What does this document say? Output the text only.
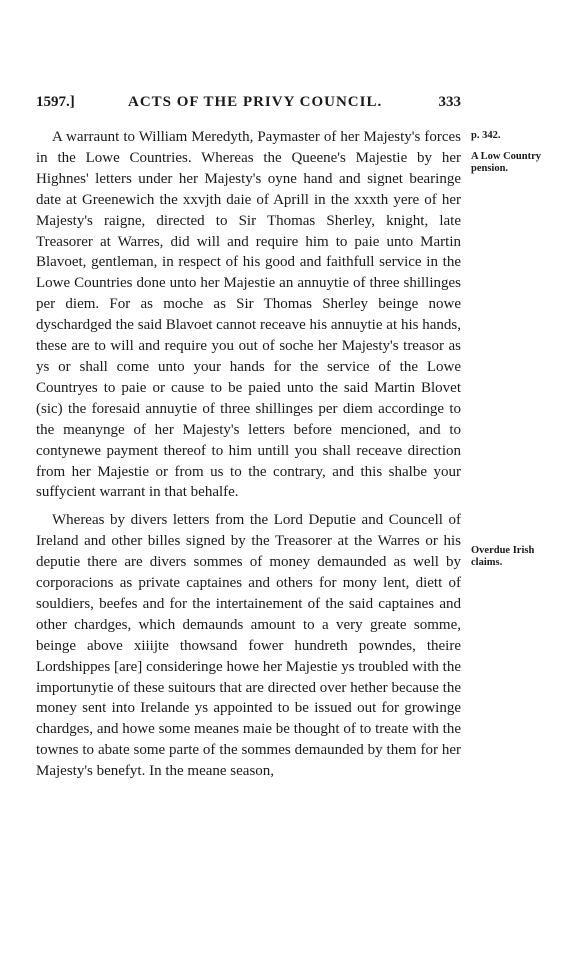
1597.]	ACTS OF THE PRIVY COUNCIL.	333

A warraunt to William Meredyth, Paymaster of her Majesty's forces in the Lowe Countries. Whereas the Queene's Majestie by her Highnes' letters under her Majesty's oyne hand and signet bearinge date at Greenewich the xxvjth daie of Aprill in the xxxth yere of her Majesty's raigne, directed to Sir Thomas Sherley, knight, late Treasorer at Warres, did will and require him to paie unto Martin Blavoet, gentleman, in respect of his good and faithfull service in the Lowe Countries done unto her Majestie an annuytie of three shillinges per diem. For as moche as Sir Thomas Sherley beinge nowe dyschardged the said Blavoet cannot receave his annuytie at his hands, these are to will and require you out of soche her Majesty's treasor as ys or shall come unto your hands for the service of the Lowe Countryes to paie or cause to be paied unto the said Martin Blovet (sic) the foresaid annuytie of three shillinges per diem accordinge to the meanynge of her Majesty's letters before mencioned, and to contynewe payment thereof to him untill you shall receave direction from her Majestie or from us to the contrary, and this shalbe your suffycient warrant in that behalfe.

Whereas by divers letters from the Lord Deputie and Councell of Ireland and other billes signed by the Treasorer at the Warres or his deputie there are divers sommes of money demaunded as well by corporacions as private captaines and others for mony lent, diett of souldiers, beefes and for the intertainement of the said captaines and other chardges, which demaunds amount to a very greate somme, beinge above xiiijte thowsand fower hundreth powndes, theire Lordshippes [are] consideringe howe her Majestie ys troubled with the importunytie of these suitours that are directed over hether because the money sent into Irelande ys appointed to be issued out for growinge chardges, and howe some meanes maie be thought of to treate with the townes to abate some parte of the sommes demaunded by them for her Majesty's benefyt. In the meane season,

p. 342.
A Low Country pension.
Overdue Irish claims.
